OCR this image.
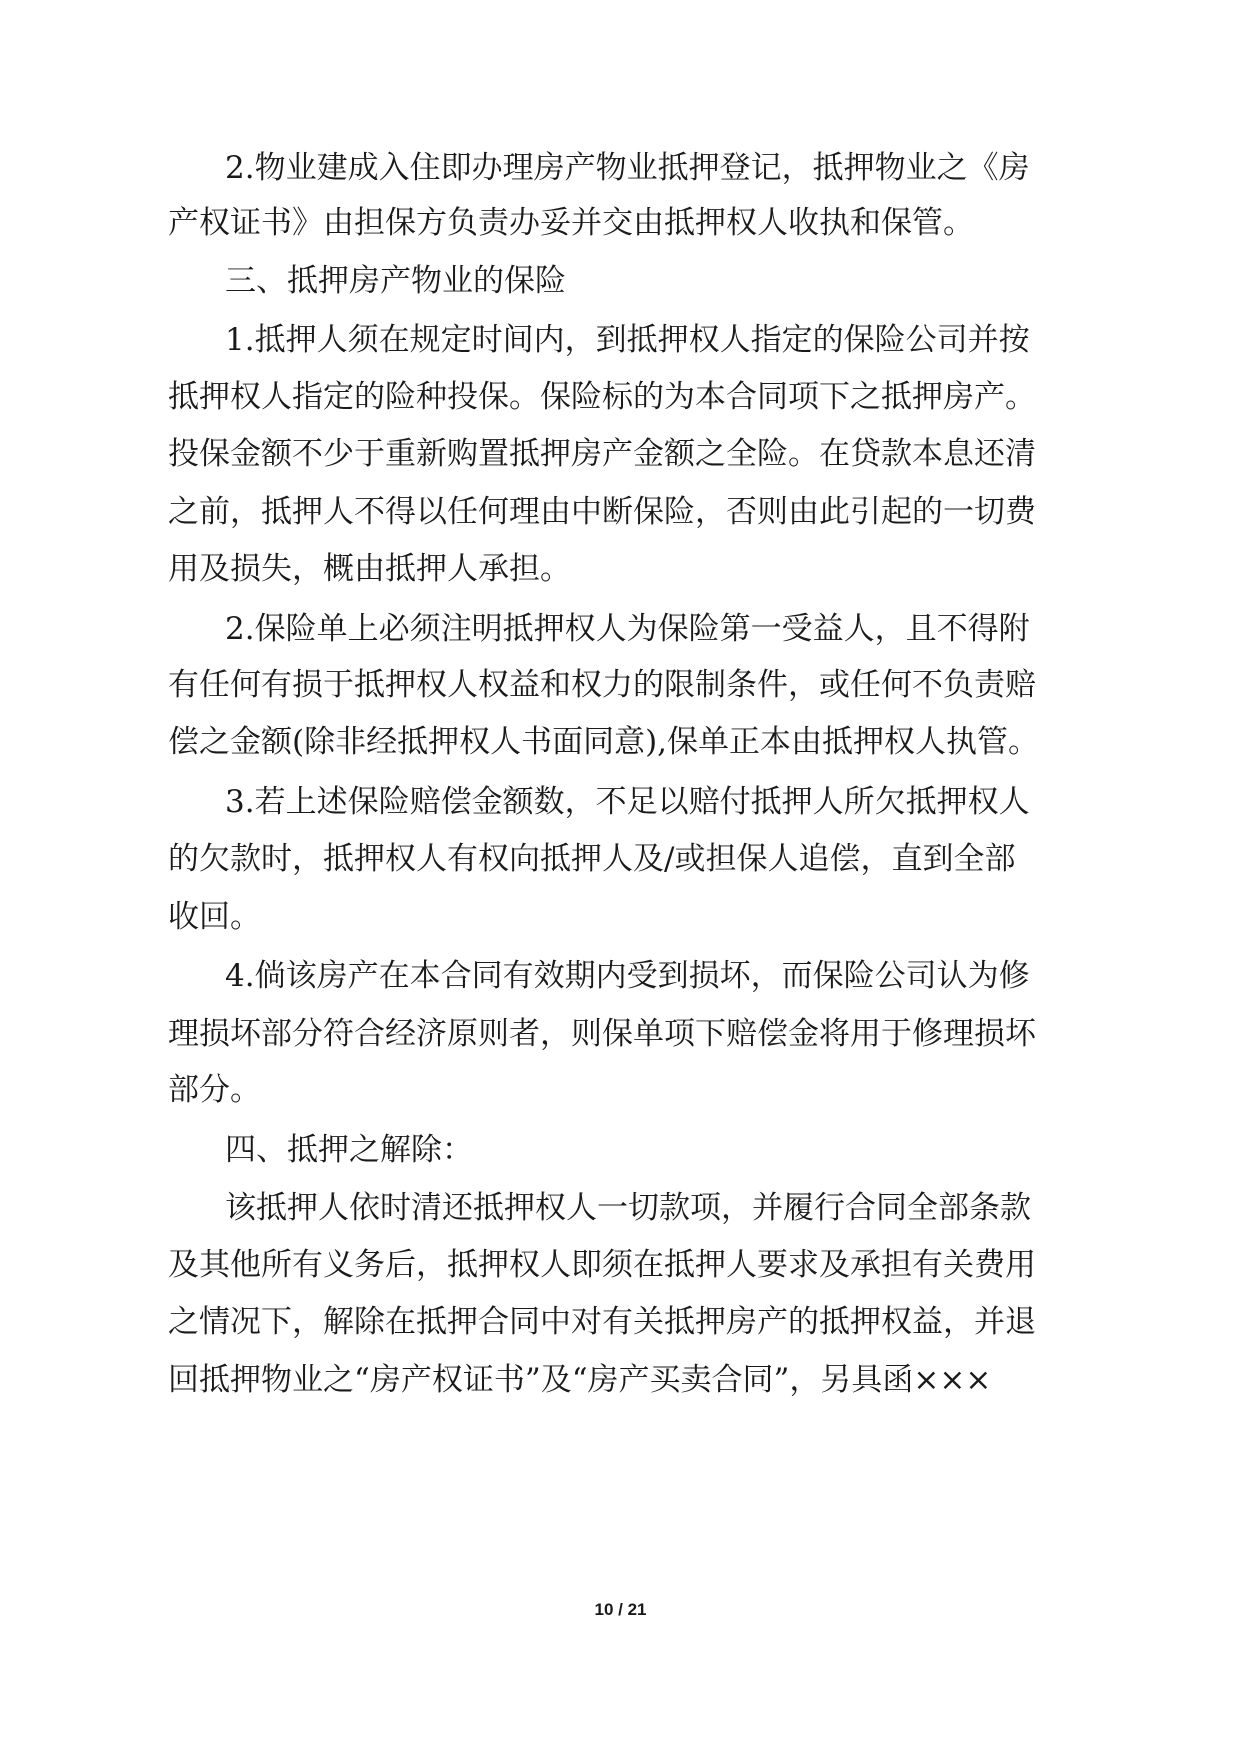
2.物业建成入住即办理房产物业抵押登记，抵押物业之《房
产权证书》由担保方负责办妥并交由抵押权人收执和保管。
三、抵押房产物业的保险
1.抵押人须在规定时间内，到抵押权人指定的保险公司并按
抵押权人指定的险种投保。保险标的为本合同项下之抵押房产。
投保金额不少于重新购置抵押房产金额之全险。在贷款本息还清
之前，抵押人不得以任何理由中断保险，否则由此引起的一切费
用及损失，概由抵押人承担。
2.保险单上必须注明抵押权人为保险第一受益人，且不得附
有任何有损于抵押权人权益和权力的限制条件，或任何不负责赔
偿之金额(除非经抵押权人书面同意),保单正本由抵押权人执管。
3.若上述保险赔偿金额数，不足以赔付抵押人所欠抵押权人
的欠款时，抵押权人有权向抵押人及/或担保人追偿，直到全部
收回。
4.倘该房产在本合同有效期内受到损坏，而保险公司认为修
理损坏部分符合经济原则者，则保单项下赔偿金将用于修理损坏
部分。
四、抵押之解除：
该抵押人依时清还抵押权人一切款项，并履行合同全部条款
及其他所有义务后，抵押权人即须在抵押人要求及承担有关费用
之情况下，解除在抵押合同中对有关抵押房产的抵押权益，并退
回抵押物业之“房产权证书”及“房产买卖合同”，另具函×××
10 / 21
